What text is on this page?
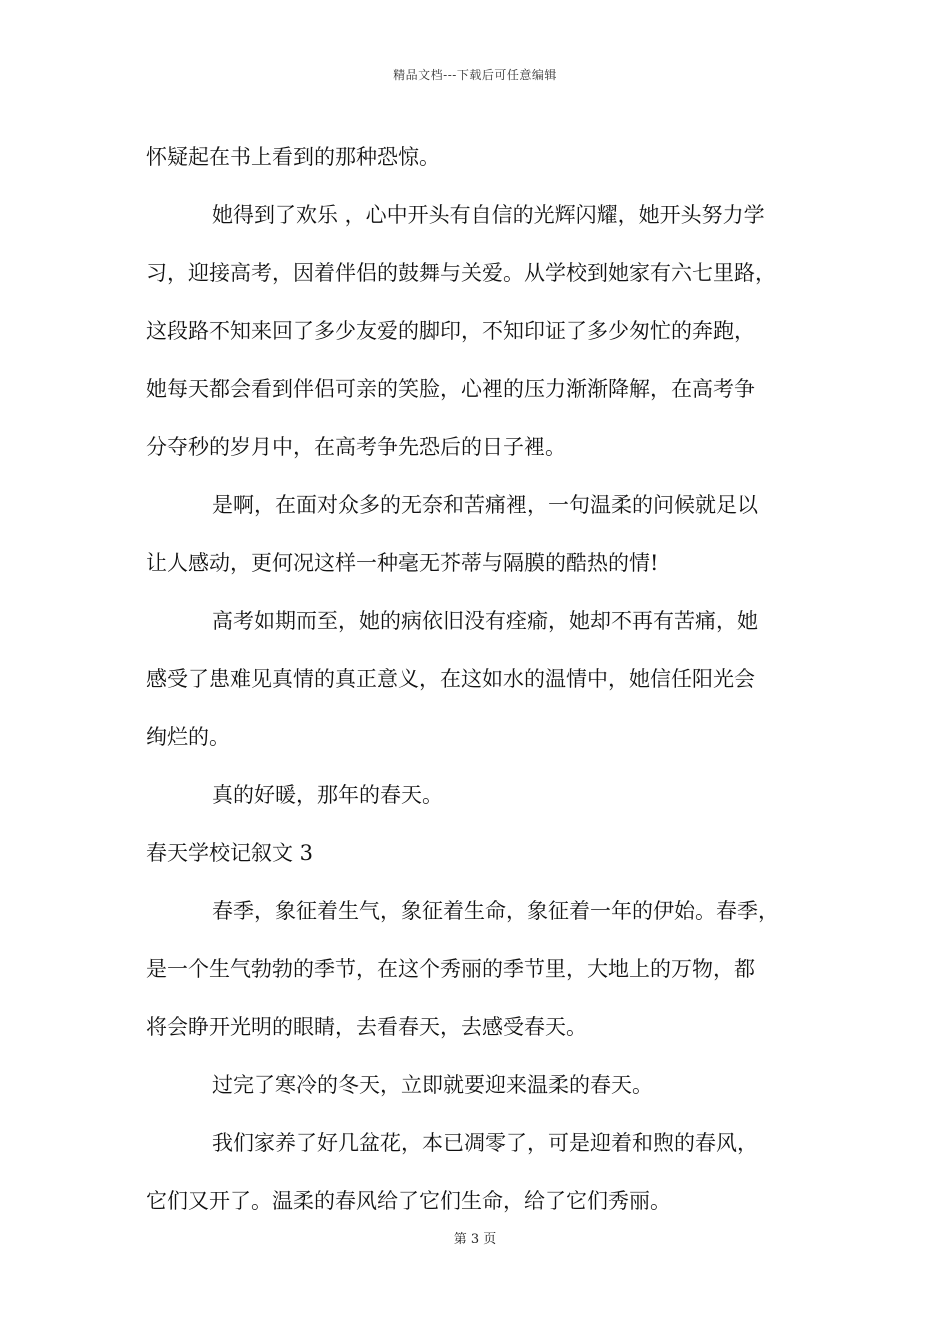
精品文档---下载后可任意编辑
怀疑起在书上看到的那种恐惊。
她得到了欢乐 ，心中开头有自信的光辉闪耀，她开头努力学
习，迎接高考，因着伴侣的鼓舞与关爱。从学校到她家有六七里路，
这段路不知来回了多少友爱的脚印，不知印证了多少匆忙的奔跑，
她每天都会看到伴侣可亲的笑脸，心裡的压力渐渐降解，在高考争
分夺秒的岁月中，在高考争先恐后的日子裡。
是啊，在面对众多的无奈和苦痛裡，一句温柔的问候就足以
让人感动，更何况这样一种毫无芥蒂与隔膜的酷热的情!
高考如期而至，她的病依旧没有痊瘉，她却不再有苦痛，她
感受了患难见真情的真正意义，在这如水的温情中，她信任阳光会
绚烂的。
真的好暖，那年的春天。
春天学校记叙文 3
春季，象征着生气，象征着生命，象征着一年的伊始。春季，
是一个生气勃勃的季节，在这个秀丽的季节里，大地上的万物，都
将会睁开光明的眼睛，去看春天，去感受春天。
过完了寒冷的冬天，立即就要迎来温柔的春天。
我们家养了好几盆花，本已凋零了，可是迎着和煦的春风，
它们又开了。温柔的春风给了它们生命，给了它们秀丽。
第 3 页
